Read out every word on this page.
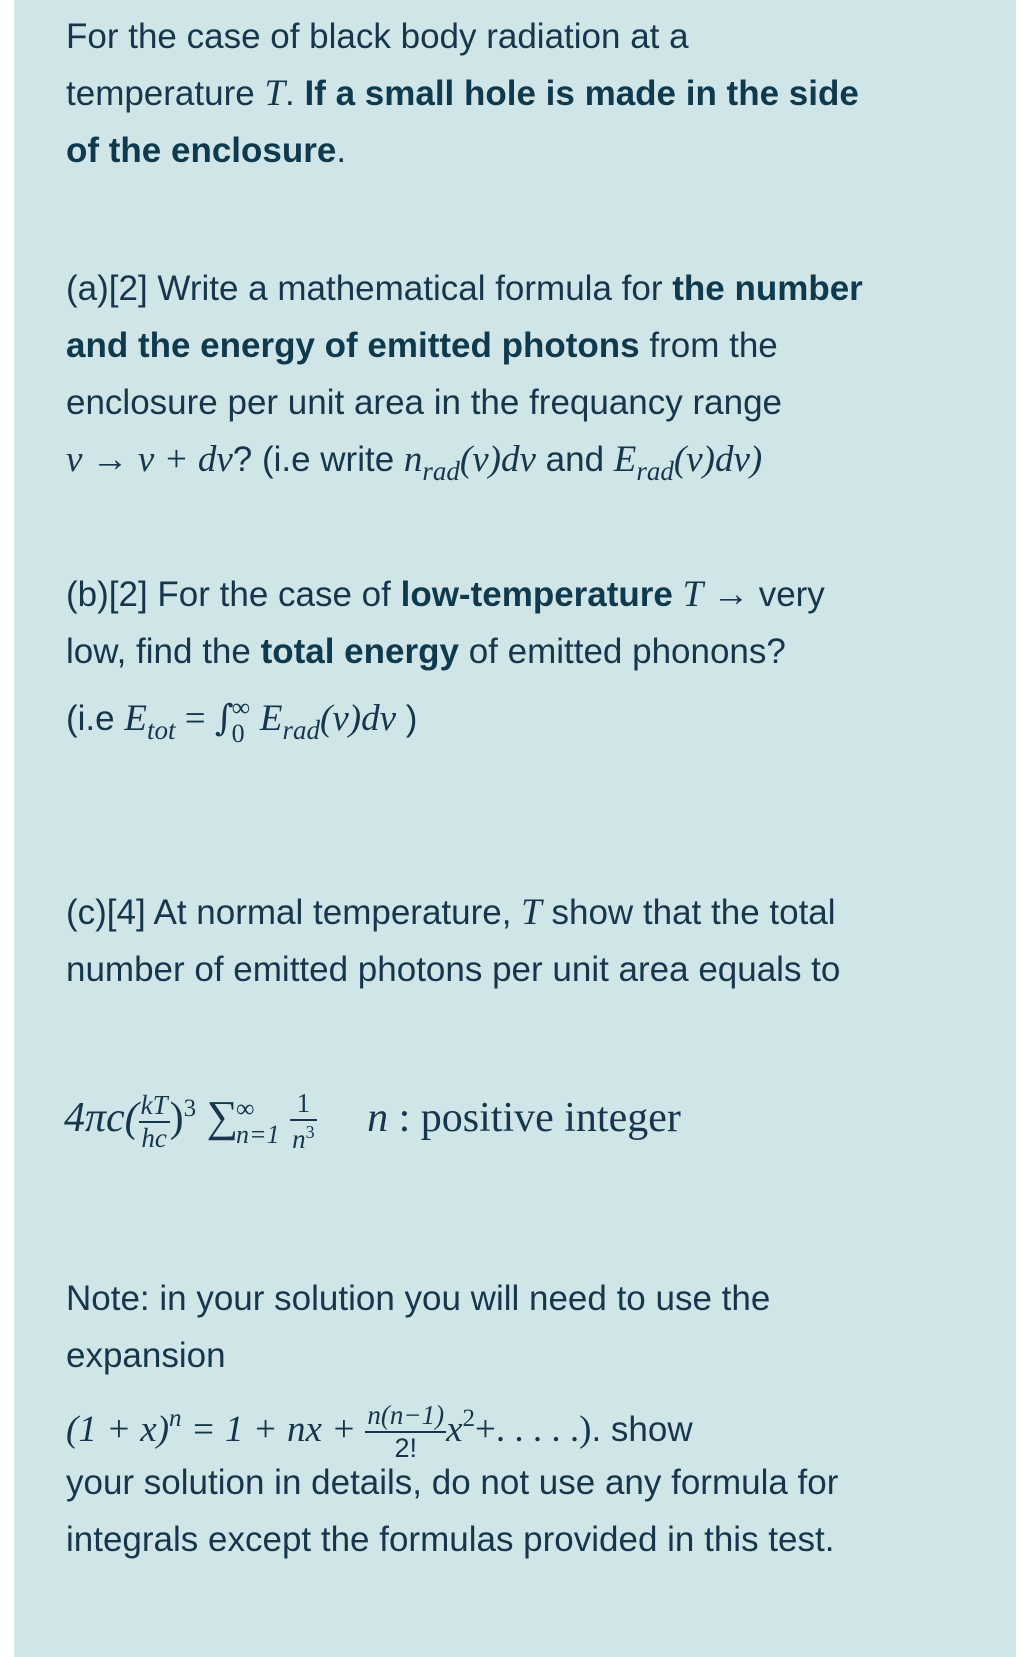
For the case of black body radiation at a

temperature T. If a small hole is made in the side

of the enclosure.

(a)[2] Write a mathematical formula for the number

and the energy of emitted photons from the

enclosure per unit area in the frequancy range

v → v + dv? (i.e write $n_{rad}(v)dv$ and $E_{rad}(v)dv$)

(b)[2] For the case of low-temperature T → very

low, find the total energy of emitted phonons?

(i.e $E_{tot}$ = ∫
∞
0 $E_{rad}(v)dv$ )

(c)[4] At normal temperature, T show that the total

number of emitted photons per unit area equals to

$4\pi c( \frac{kT}{hc} )^3$ ∑
∞
n=1
$\frac{1}{n^3}$ n : positive integer

Note: in your solution you will need to use the

expansion

$(1 + x)^n = 1$ + nx + $\frac{n(n-1)}{2!} x^2+$. . . . .). show

your solution in details, do not use any formula for

integrals except the formulas provided in this test.
